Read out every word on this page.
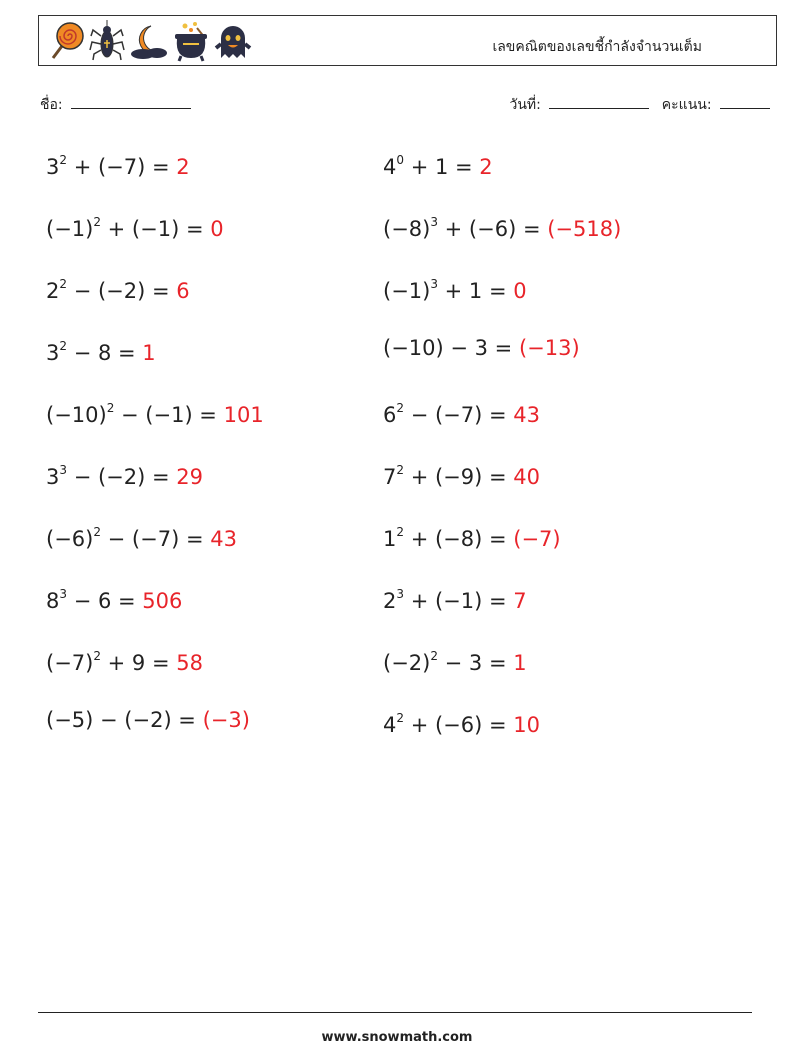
เลขคณิตของเลขชี้กำลังจำนวนเต็ม
ชื่อ:	วันที่:	คะแนน:
$3^2 + (-7) = 2$
$(-1)^2 + (-1) = 0$
$2^2 - (-2) = 6$
$3^2 - 8 = 1$
$(-10)^2 - (-1) = 101$
$3^3 - (-2) = 29$
$(-6)^2 - (-7) = 43$
$8^3 - 6 = 506$
$(-7)^2 + 9 = 58$
(−5) − (−2) = (−3)
$4^0 + 1 = 2$
$(-8)^3 + (-6) = (-518)$
$(-1)^3 + 1 = 0$
(−10) − 3 = (−13)
$6^2 - (-7) = 43$
$7^2 + (-9) = 40$
$1^2 + (-8) = (-7)$
$2^3 + (-1) = 7$
$(-2)^2 - 3 = 1$
$4^2 + (-6) = 10$
www.snowmath.com
